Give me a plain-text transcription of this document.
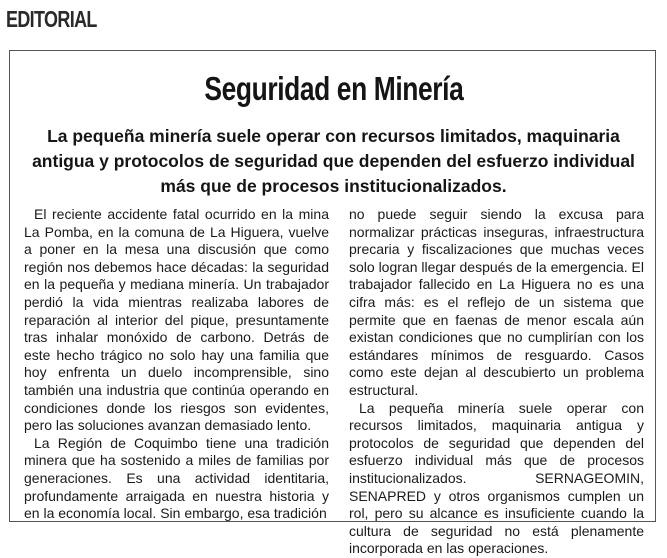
EDITORIAL
Seguridad en Minería
La pequeña minería suele operar con recursos limitados, maquinaria antigua y protocolos de seguridad que dependen del esfuerzo individual más que de procesos institucionalizados.

El reciente accidente fatal ocurrido en la mina La Pomba, en la comuna de La Higuera, vuelve a poner en la mesa una discusión que como región nos debemos hace décadas: la seguridad en la pequeña y mediana minería. Un trabajador perdió la vida mientras realizaba labores de reparación al interior del pique, presuntamente tras inhalar monóxido de carbono. Detrás de este hecho trágico no solo hay una familia que hoy enfrenta un duelo incomprensible, sino también una industria que continúa operando en condiciones donde los riesgos son evidentes, pero las soluciones avanzan demasiado lento.

La Región de Coquimbo tiene una tradición minera que ha sostenido a miles de familias por generaciones. Es una actividad identitaria, profundamente arraigada en nuestra historia y en la economía local. Sin embargo, esa tradición

no puede seguir siendo la excusa para normalizar prácticas inseguras, infraestructura precaria y fiscalizaciones que muchas veces solo logran llegar después de la emergencia. El trabajador fallecido en La Higuera no es una cifra más: es el reflejo de un sistema que permite que en faenas de menor escala aún existan condiciones que no cumplirían con los estándares mínimos de resguardo. Casos como este dejan al descubierto un problema estructural.

La pequeña minería suele operar con recursos limitados, maquinaria antigua y protocolos de seguridad que dependen del esfuerzo individual más que de procesos institucionalizados. SERNAGEOMIN, SENAPRED y otros organismos cumplen un rol, pero su alcance es insuficiente cuando la cultura de seguridad no está plenamente incorporada en las operaciones.
